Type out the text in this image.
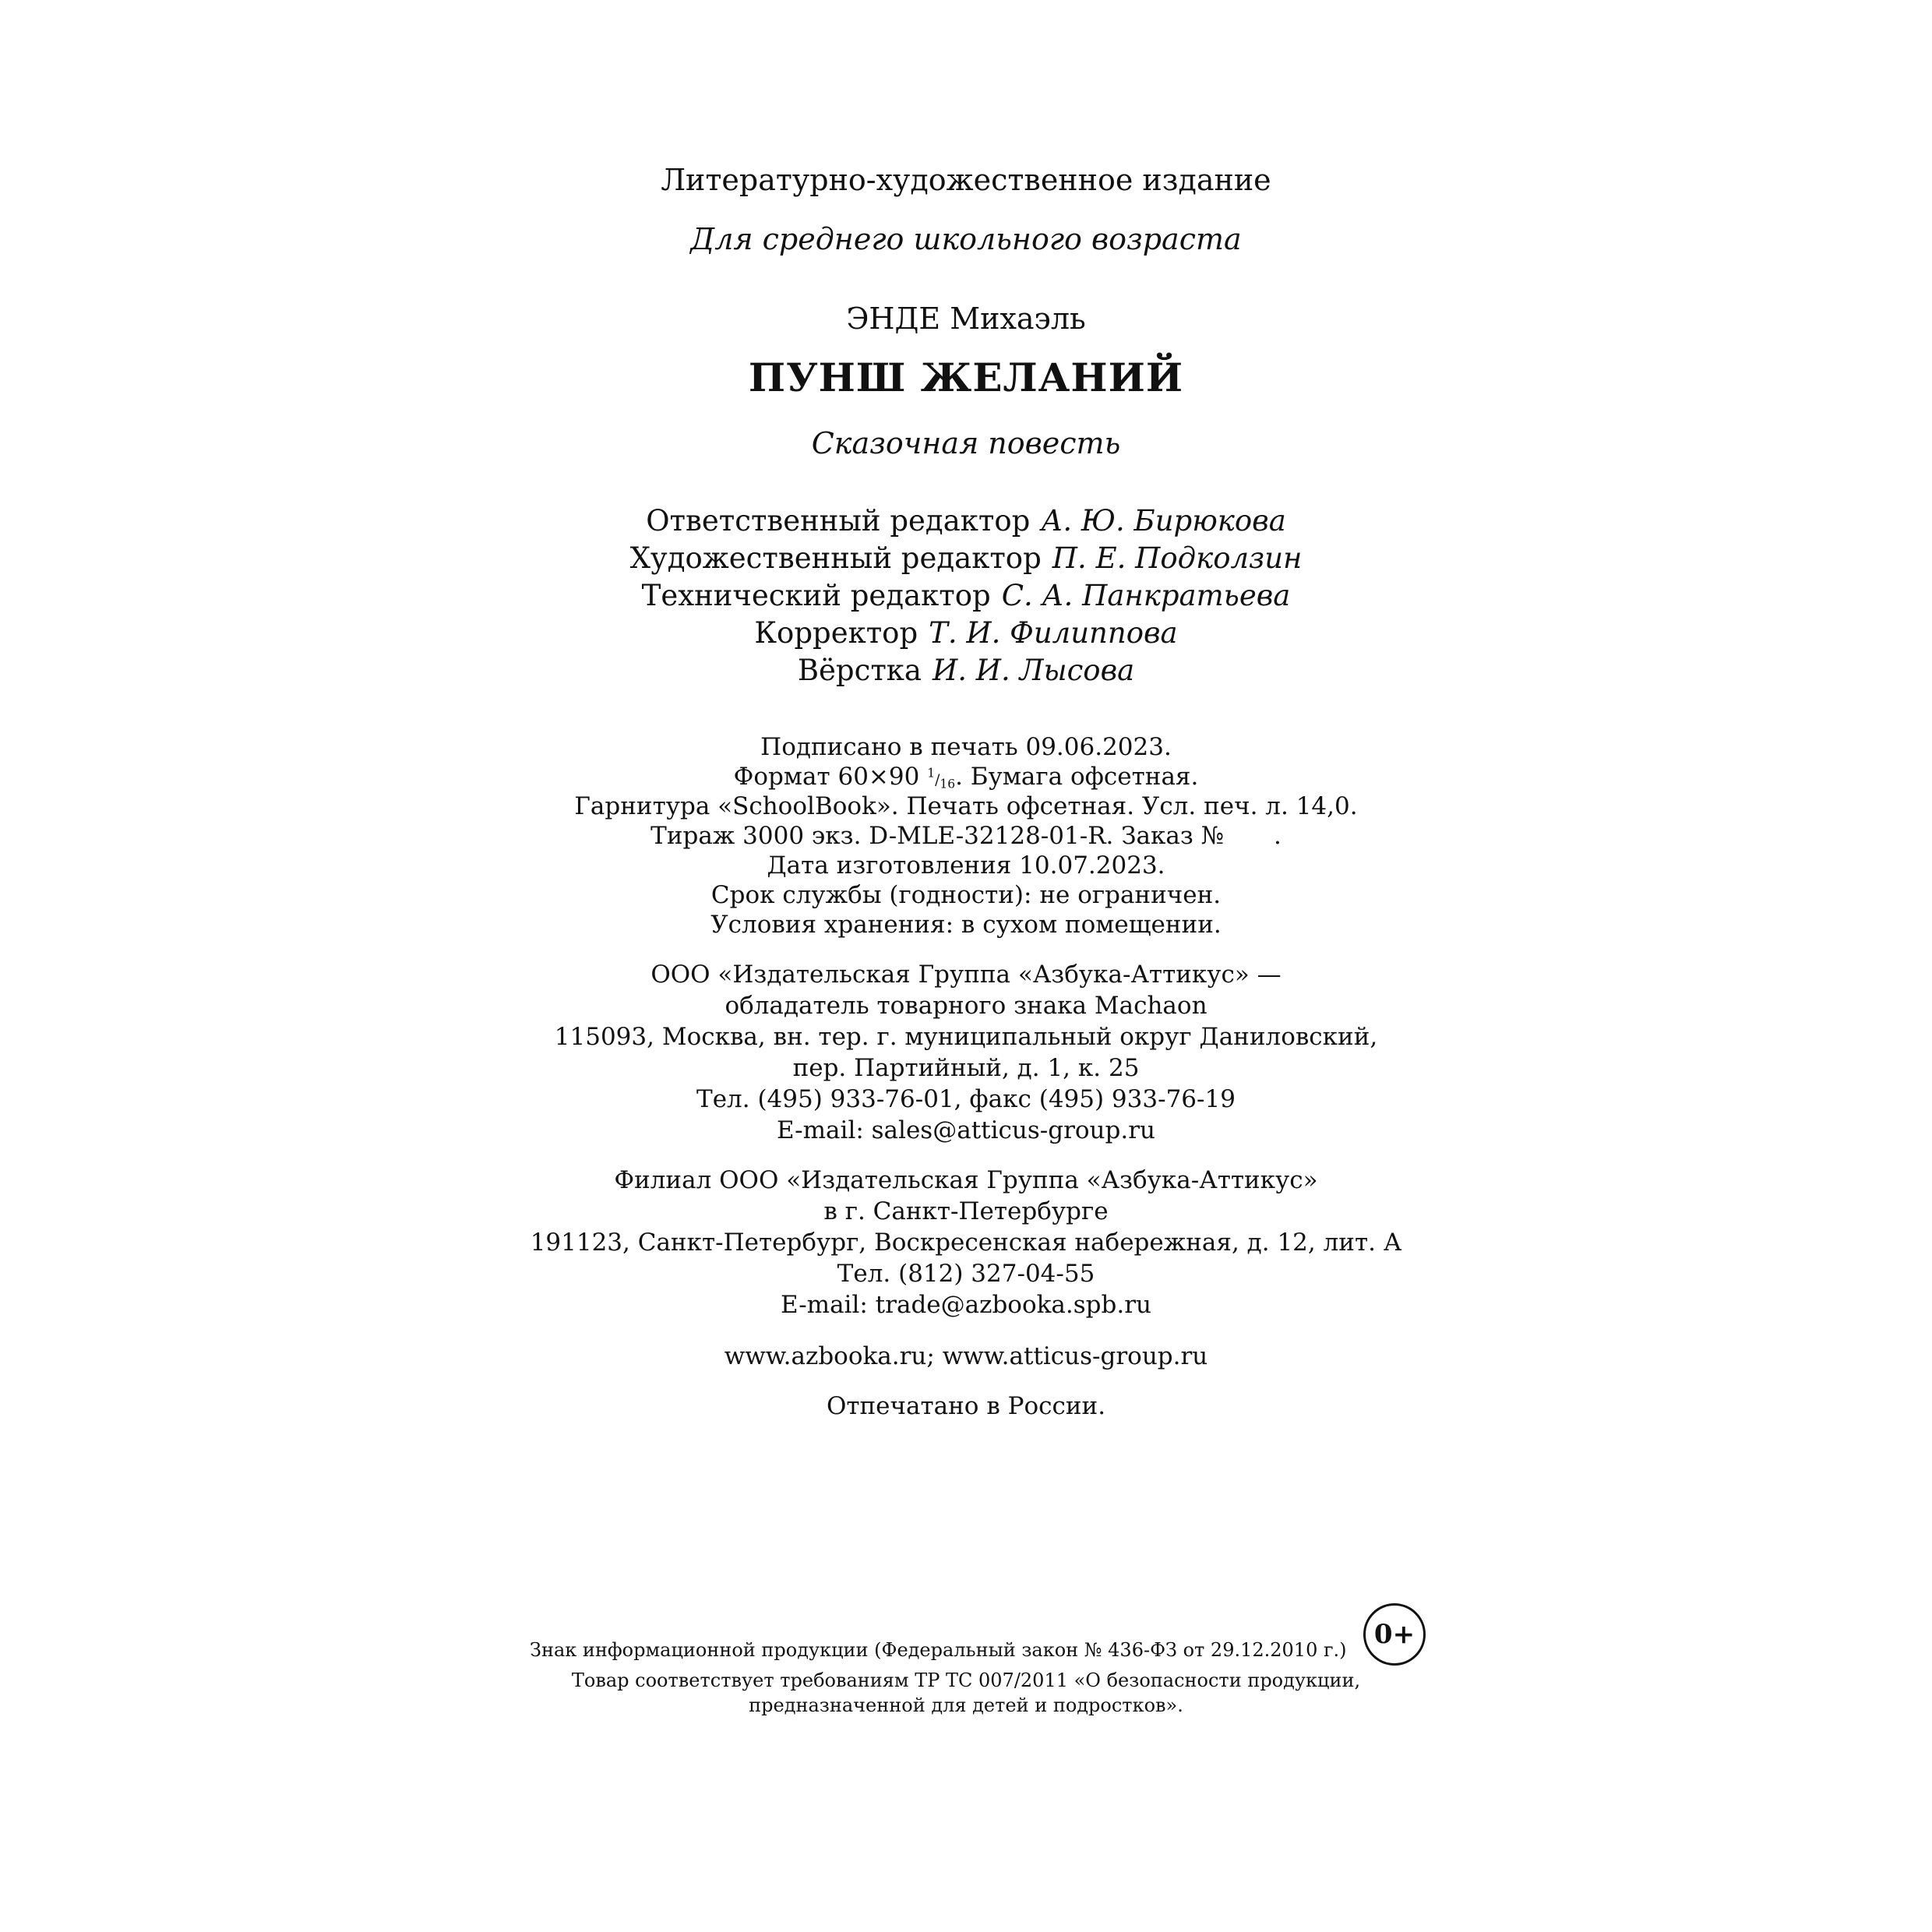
Литературно-художественное издание
Для среднего школьного возраста
ЭНДЕ Михаэль
ПУНШ ЖЕЛАНИЙ
Сказочная повесть
Ответственный редактор А. Ю. Бирюкова
Художественный редактор П. Е. Подколзин
Технический редактор С. А. Панкратьева
Корректор Т. И. Филиппова
Вёрстка И. И. Лысова
Подписано в печать 09.06.2023.
Формат 60×90 $^1/_{16}$. Бумага офсетная.
Гарнитура «SchoolBook». Печать офсетная. Усл. печ. л. 14,0.
Тираж 3000 экз. D-MLE-32128-01-R. Заказ № .
Дата изготовления 10.07.2023.
Срок службы (годности): не ограничен.
Условия хранения: в сухом помещении.
ООО «Издательская Группа «Азбука-Аттикус» —
обладатель товарного знака Machaon
115093, Москва, вн. тер. г. муниципальный округ Даниловский,
пер. Партийный, д. 1, к. 25
Тел. (495) 933-76-01, факс (495) 933-76-19
E-mail: sales@atticus-group.ru
Филиал ООО «Издательская Группа «Азбука-Аттикус»
в г. Санкт-Петербурге
191123, Санкт-Петербург, Воскресенская набережная, д. 12, лит. А
Тел. (812) 327-04-55
E-mail: trade@azbooka.spb.ru
www.azbooka.ru; www.atticus-group.ru
Отпечатано в России.
Знак информационной продукции (Федеральный закон № 436-ФЗ от 29.12.2010 г.)	0+
Товар соответствует требованиям ТР ТС 007/2011 «О безопасности продукции,
предназначенной для детей и подростков».
